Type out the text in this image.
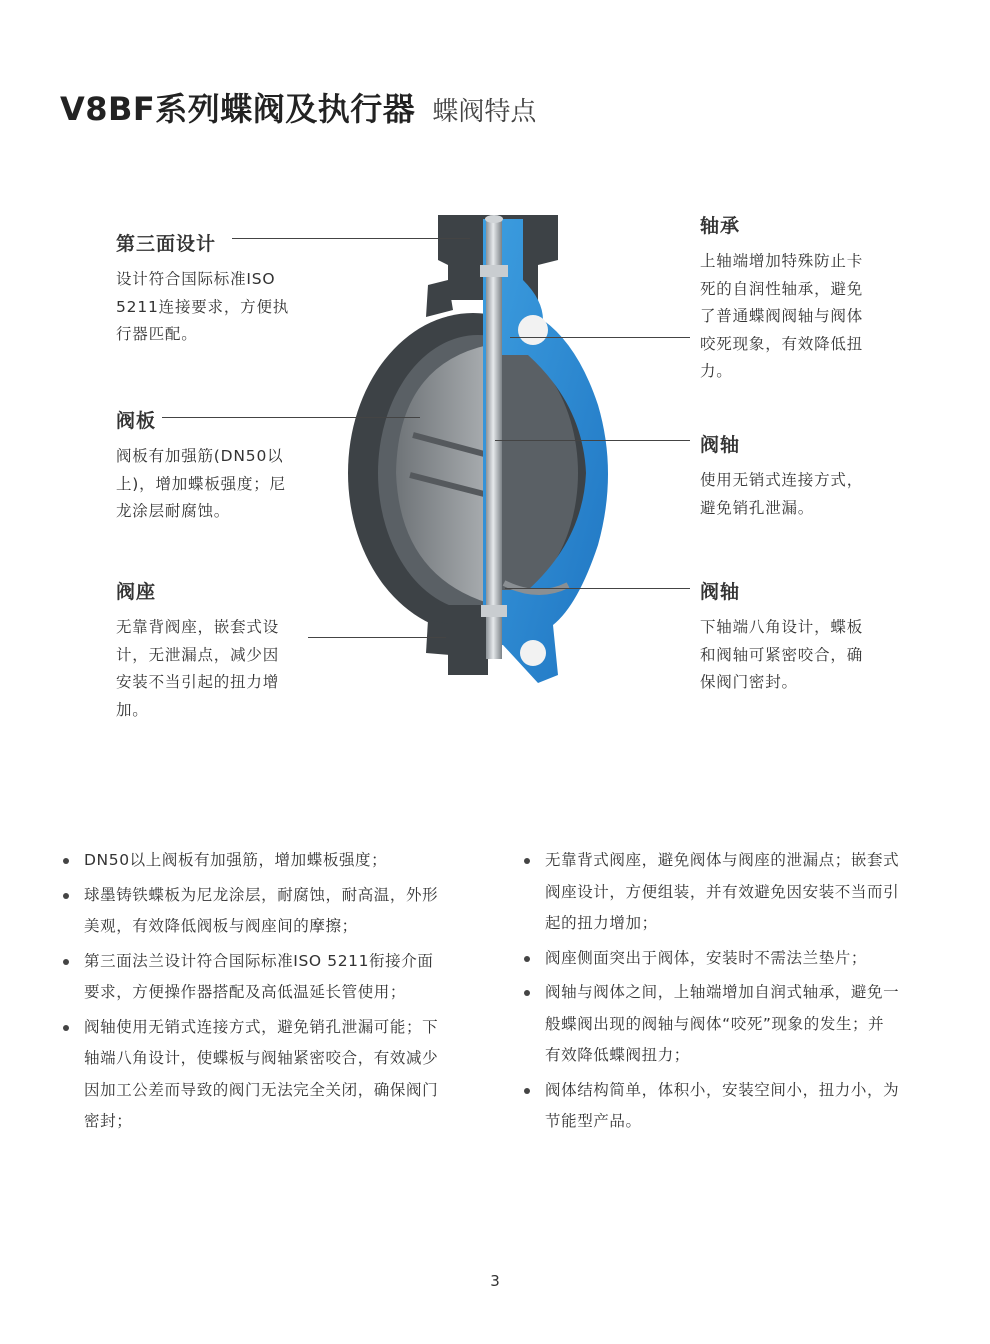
V8BF系列蝶阀及执行器 蝶阀特点
第三面设计

设计符合国际标准ISO
5211连接要求，方便执
行器匹配。

阀板

阀板有加强筋(DN50以
上)，增加蝶板强度；尼
龙涂层耐腐蚀。

阀座

无靠背阀座，嵌套式设
计，无泄漏点，减少因
安装不当引起的扭力增
加。

轴承

上轴端增加特殊防止卡
死的自润性轴承，避免
了普通蝶阀阀轴与阀体
咬死现象，有效降低扭
力。

阀轴

使用无销式连接方式，
避免销孔泄漏。

阀轴

下轴端八角设计，蝶板
和阀轴可紧密咬合，确
保阀门密封。

DN50以上阀板有加强筋，增加蝶板强度；
球墨铸铁蝶板为尼龙涂层，耐腐蚀，耐高温，外形
美观，有效降低阀板与阀座间的摩擦；
第三面法兰设计符合国际标准ISO 5211衔接介面
要求，方便操作器搭配及高低温延长管使用；
阀轴使用无销式连接方式，避免销孔泄漏可能；下
轴端八角设计，使蝶板与阀轴紧密咬合，有效减少
因加工公差而导致的阀门无法完全关闭，确保阀门
密封；
无靠背式阀座，避免阀体与阀座的泄漏点；嵌套式
阀座设计，方便组装，并有效避免因安装不当而引
起的扭力增加；
阀座侧面突出于阀体，安装时不需法兰垫片；
阀轴与阀体之间，上轴端增加自润式轴承，避免一
般蝶阀出现的阀轴与阀体“咬死”现象的发生；并
有效降低蝶阀扭力；
阀体结构简单，体积小，安装空间小，扭力小，为
节能型产品。
3
